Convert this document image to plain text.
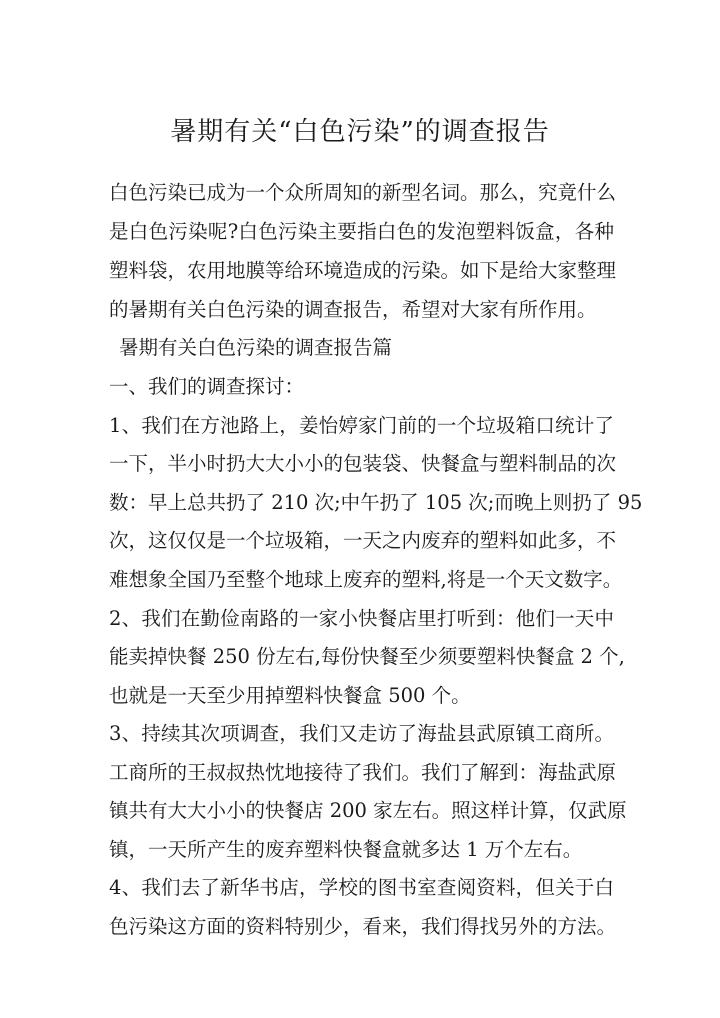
暑期有关“白色污染”的调查报告
白色污染已成为一个众所周知的新型名词。那么，究竟什么
是白色污染呢?白色污染主要指白色的发泡塑料饭盒，各种
塑料袋，农用地膜等给环境造成的污染。如下是给大家整理
的暑期有关白色污染的调查报告，希望对大家有所作用。
暑期有关白色污染的调查报告篇
一、我们的调查探讨：
1、我们在方池路上，姜怡婷家门前的一个垃圾箱口统计了
一下，半小时扔大大小小的包装袋、快餐盒与塑料制品的次
数：早上总共扔了 210 次;中午扔了 105 次;而晚上则扔了 95
次，这仅仅是一个垃圾箱，一天之内废弃的塑料如此多，不
难想象全国乃至整个地球上废弃的塑料,将是一个天文数字。
2、我们在勤俭南路的一家小快餐店里打听到：他们一天中
能卖掉快餐 250 份左右,每份快餐至少须要塑料快餐盒 2 个,
也就是一天至少用掉塑料快餐盒 500 个。
3、持续其次项调查，我们又走访了海盐县武原镇工商所。
工商所的王叔叔热忱地接待了我们。我们了解到：海盐武原
镇共有大大小小的快餐店 200 家左右。照这样计算，仅武原
镇，一天所产生的废弃塑料快餐盒就多达 1 万个左右。
4、我们去了新华书店，学校的图书室查阅资料，但关于白
色污染这方面的资料特别少，看来，我们得找另外的方法。
